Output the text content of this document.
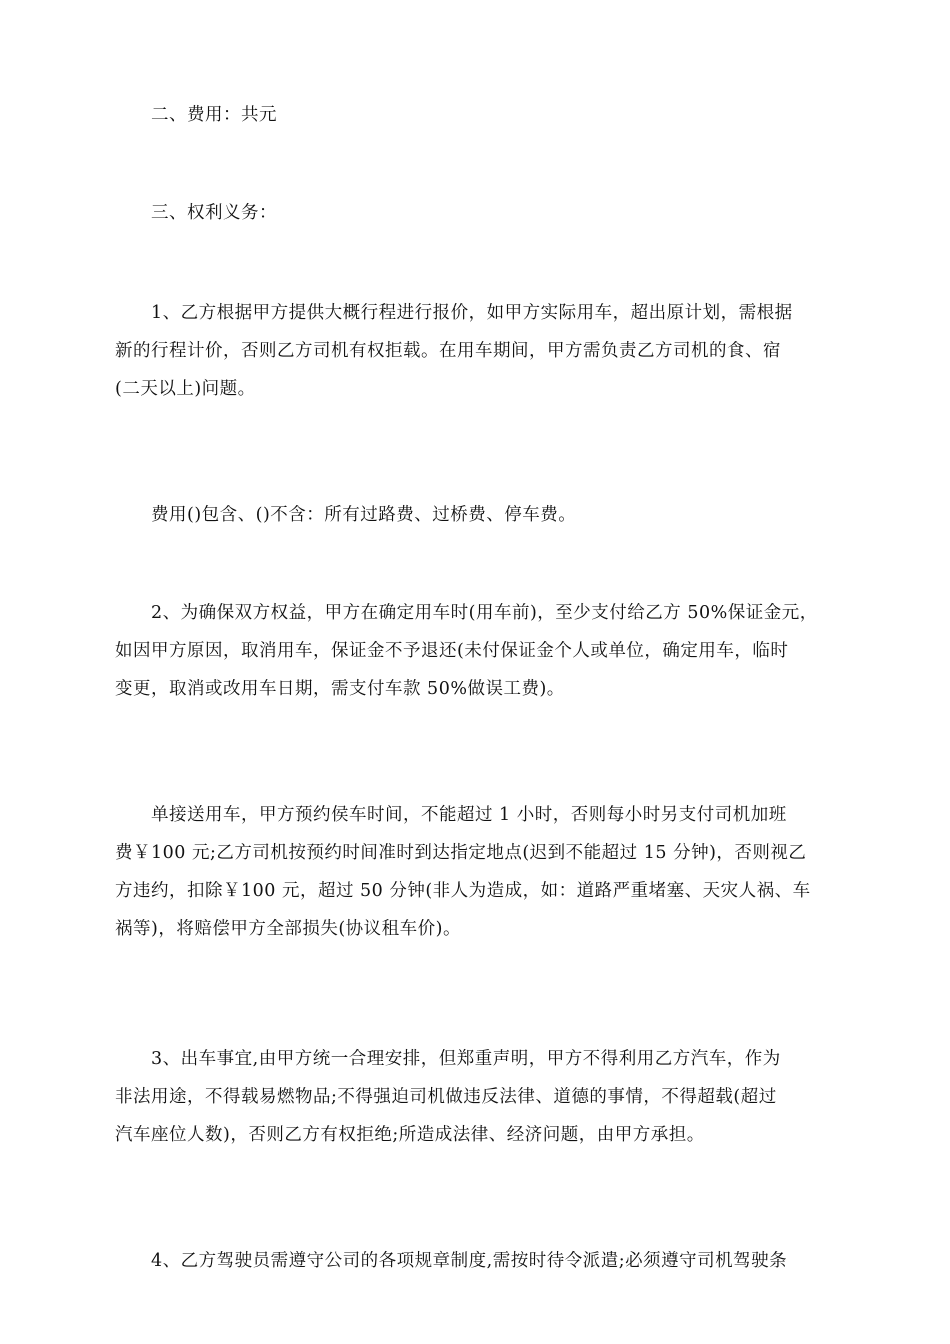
二、费用：共元

三、权利义务：

1、乙方根据甲方提供大概行程进行报价，如甲方实际用车，超出原计划，需根据
新的行程计价，否则乙方司机有权拒载。在用车期间，甲方需负责乙方司机的食、宿
(二天以上)问题。

费用()包含、()不含：所有过路费、过桥费、停车费。

2、为确保双方权益，甲方在确定用车时(用车前)，至少支付给乙方 50%保证金元，
如因甲方原因，取消用车，保证金不予退还(未付保证金个人或单位，确定用车，临时
变更，取消或改用车日期，需支付车款 50%做误工费)。

单接送用车，甲方预约侯车时间，不能超过 1 小时，否则每小时另支付司机加班
费￥100 元;乙方司机按预约时间准时到达指定地点(迟到不能超过 15 分钟)，否则视乙
方违约，扣除￥100 元，超过 50 分钟(非人为造成，如：道路严重堵塞、天灾人祸、车
祸等)，将赔偿甲方全部损失(协议租车价)。

3、出车事宜,由甲方统一合理安排，但郑重声明，甲方不得利用乙方汽车，作为
非法用途，不得载易燃物品;不得强迫司机做违反法律、道德的事情，不得超载(超过
汽车座位人数)，否则乙方有权拒绝;所造成法律、经济问题，由甲方承担。

4、乙方驾驶员需遵守公司的各项规章制度,需按时待令派遣;必须遵守司机驾驶条
